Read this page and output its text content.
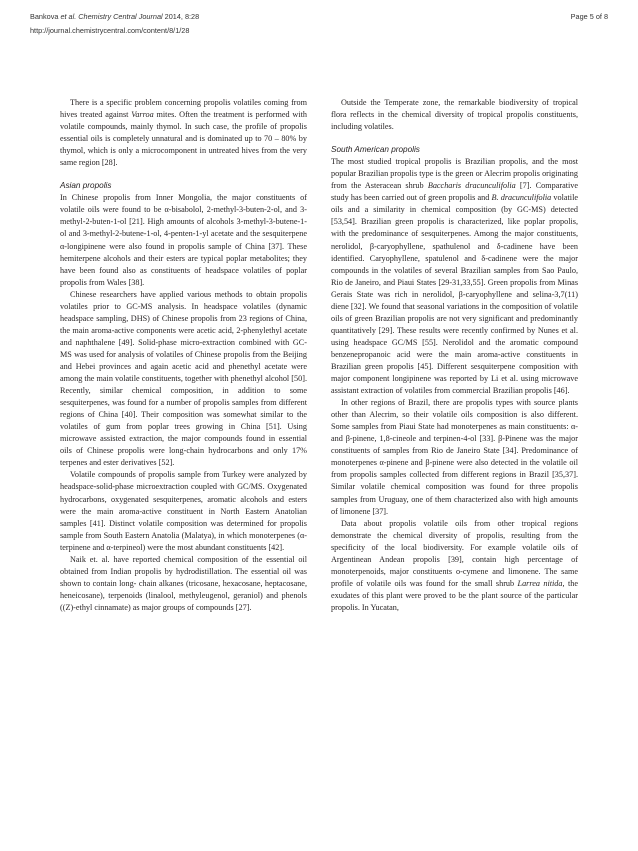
Bankova et al. Chemistry Central Journal 2014, 8:28	Page 5 of 8
http://journal.chemistrycentral.com/content/8/1/28

There is a specific problem concerning propolis volatiles coming from hives treated against Varroa mites. Often the treatment is performed with volatile compounds, mainly thymol. In such case, the profile of propolis essential oils is completely unnatural and is dominated up to 70 – 80% by thymol, which is only a microcomponent in untreated hives from the very same region [28].

Asian propolis

In Chinese propolis from Inner Mongolia, the major constituents of volatile oils were found to be α-bisabolol, 2-methyl-3-buten-2-ol, and 3-methyl-2-buten-1-ol [21]. High amounts of alcohols 3-methyl-3-butene-1-ol and 3-methyl-2-butene-1-ol, 4-penten-1-yl acetate and the sesquiterpene α-longipinene were also found in propolis sample of China [37]. These hemiterpene alcohols and their esters are typical poplar metabolites; they have been found also as constituents of headspace volatiles of poplar propolis from Wales [38].

Chinese researchers have applied various methods to obtain propolis volatiles prior to GC-MS analysis. In headspace volatiles (dynamic headspace sampling, DHS) of Chinese propolis from 23 regions of China, the main aroma-active components were acetic acid, 2-phenylethyl acetate and naphthalene [49]. Solid-phase micro-extraction combined with GC-MS was used for analysis of volatiles of Chinese propolis from the Beijing and Hebei provinces and again acetic acid and phenethyl acetate were among the main volatile constituents, together with phenethyl alcohol [50]. Recently, similar chemical composition, in addition to some sesquiterpenes, was found for a number of propolis samples from different regions of China [40]. Their composition was somewhat similar to the volatiles of gum from poplar trees growing in China [51]. Using microwave assisted extraction, the major compounds found in essential oils of Chinese propolis were long-chain hydrocarbons and only 17% terpenes and ester derivatives [52].

Volatile compounds of propolis sample from Turkey were analyzed by headspace-solid-phase microextraction coupled with GC/MS. Oxygenated hydrocarbons, oxygenated sesquiterpenes, aromatic alcohols and esters were the main aroma-active constituent in North Eastern Anatolian samples [41]. Distinct volatile composition was determined for propolis sample from South Eastern Anatolia (Malatya), in which monoterpenes (α-terpinene and α-terpineol) were the most abundant constituents [42].

Naik et. al. have reported chemical composition of the essential oil obtained from Indian propolis by hydrodistillation. The essential oil was shown to contain long- chain alkanes (tricosane, hexacosane, heptacosane, heneicosane), terpenoids (linalool, methyleugenol, geraniol) and phenols ((Z)-ethyl cinnamate) as major groups of compounds [27].

Outside the Temperate zone, the remarkable biodiversity of tropical flora reflects in the chemical diversity of tropical propolis constituents, including volatiles.

South American propolis

The most studied tropical propolis is Brazilian propolis, and the most popular Brazilian propolis type is the green or Alecrim propolis originating from the Asteracean shrub Baccharis dracunculifolia [7]. Comparative study has been carried out of green propolis and B. dracunculifolia volatile oils and a similarity in chemical composition (by GC-MS) detected [53,54]. Brazilian green propolis is characterized, like poplar propolis, with the predominance of sesquiterpenes. Among the major constituents, nerolidol, β-caryophyllene, spathulenol and δ-cadinene have been identified. Caryophyllene, spatulenol and δ-cadinene were the major compounds in the volatiles of several Brazilian samples from Sao Paulo, Rio de Janeiro, and Piaui States [29-31,33,55]. Green propolis from Minas Gerais State was rich in nerolidol, β-caryophyllene and selina-3,7(11) diene [32]. We found that seasonal variations in the composition of volatile oils of green Brazilian propolis are not very significant and predominantly quantitatively [29]. These results were recently confirmed by Nunes et al. using headspace GC/MS [55]. Nerolidol and the aromatic compound benzenepropanoic acid were the main aroma-active constituents in Brazilian green propolis [45]. Different sesquiterpene composition with major component longipinene was reported by Li et al. using microwave assistant extraction of volatiles from commercial Brazilian propolis [46].

In other regions of Brazil, there are propolis types with source plants other than Alecrim, so their volatile oils composition is also different. Some samples from Piaui State had monoterpenes as main constituents: α- and β-pinene, 1,8-cineole and terpinen-4-ol [33]. β-Pinene was the major constituents of samples from Rio de Janeiro State [34]. Predominance of monoterpenes α-pinene and β-pinene were also detected in the volatile oil from propolis samples collected from different regions in Brazil [35,37]. Similar volatile chemical composition was found for three propolis samples from Uruguay, one of them characterized also with high amounts of limonene [37].

Data about propolis volatile oils from other tropical regions demonstrate the chemical diversity of propolis, resulting from the specificity of the local biodiversity. For example volatile oils of Argentinean Andean propolis [39], contain high percentage of monoterpenoids, major constituents o-cymene and limonene. The same profile of volatile oils was found for the small shrub Larrea nitida, the exudates of this plant were proved to be the plant source of the particular propolis. In Yucatan,
